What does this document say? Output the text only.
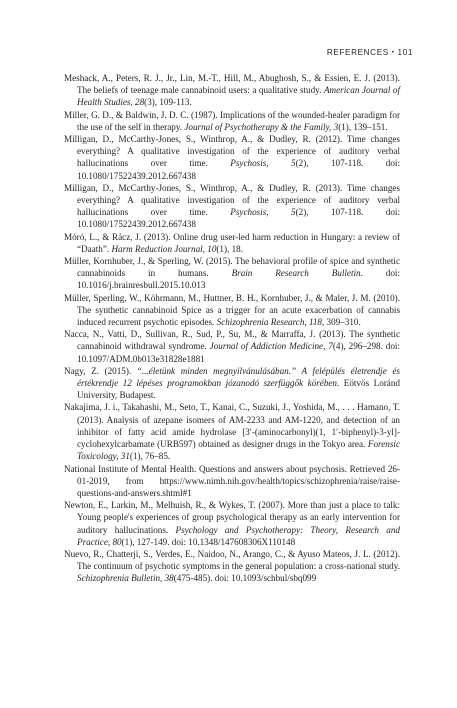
REFERENCES • 101

Meshack, A., Peters, R. J., Jr., Lin, M.-T., Hill, M., Abughosh, S., & Essien, E. J. (2013). The beliefs of teenage male cannabinoid users: a qualitative study. American Journal of Health Studies, 28(3), 109-113.

Miller, G. D., & Baldwin, J. D. C. (1987). Implications of the wounded-healer paradigm for the use of the self in therapy. Journal of Psychotherapy & the Family, 3(1), 139–151.

Milligan, D., McCarthy-Jones, S., Winthrop, A., & Dudley, R. (2012). Time changes everything? A qualitative investigation of the experience of auditory verbal hallucinations over time. Psychosis, 5(2), 107-118. doi: 10.1080/17522439.2012.667438

Milligan, D., McCarthy-Jones, S., Winthrop, A., & Dudley, R. (2013). Time changes everything? A qualitative investigation of the experience of auditory verbal hallucinations over time. Psychosis, 5(2), 107-118. doi: 10.1080/17522439.2012.667438

Móró, L., & Rácz, J. (2013). Online drug user-led harm reduction in Hungary: a review of “Daath”. Harm Reduction Journal, 10(1), 18.

Müller, Kornhuber, J., & Sperling, W. (2015). The behavioral profile of spice and synthetic cannabinoids in humans. Brain Research Bulletin. doi: 10.1016/j.brainresbull.2015.10.013

Müller, Sperling, W., Köhrmann, M., Huttner, B. H., Kornhuber, J., & Maler, J. M. (2010). The synthetic cannabinoid Spice as a trigger for an acute exacerbation of cannabis induced recurrent psychotic episodes. Schizophrenia Research, 118, 309–310.

Nacca, N., Vatti, D., Sullivan, R., Sud, P., Su, M., & Marraffa, J. (2013). The synthetic cannabinoid withdrawal syndrome. Journal of Addiction Medicine, 7(4), 296–298. doi: 10.1097/ADM.0b013e31828e1881

Nagy, Z. (2015). “...életünk minden megnyilvánulásában.” A felépülés életrendje és értékrendje 12 lépéses programokban józanodó szerfüggők körében. Eötvös Loránd University, Budapest.

Nakajima, J. i., Takahashi, M., Seto, T., Kanai, C., Suzuki, J., Yoshida, M., . . . Hamano, T. (2013). Analysis of azepane isomers of AM-2233 and AM-1220, and detection of an inhibitor of fatty acid amide hydrolase [3′-(aminocarbonyl)(1, 1′-biphenyl)-3-yl]-cyclohexylcarbamate (URB597) obtained as designer drugs in the Tokyo area. Forensic Toxicology, 31(1), 76–85.

National Institute of Mental Health. Questions and answers about psychosis. Retrieved 26-01-2019, from https://www.nimh.nih.gov/health/topics/schizophrenia/raise/raise-questions-and-answers.shtml#1

Newton, E., Larkin, M., Melhuish, R., & Wykes, T. (2007). More than just a place to talk: Young people's experiences of group psychological therapy as an early intervention for auditory hallucinations. Psychology and Psychotherapy: Theory, Research and Practice, 80(1), 127-149. doi: 10.1348/147608306X110148

Nuevo, R., Chatterji, S., Verdes, E., Naidoo, N., Arango, C., & Ayuso Mateos, J. L. (2012). The continuum of psychotic symptoms in the general population: a cross-national study. Schizophrenia Bulletin, 38(475-485). doi: 10.1093/schbul/sbq099
